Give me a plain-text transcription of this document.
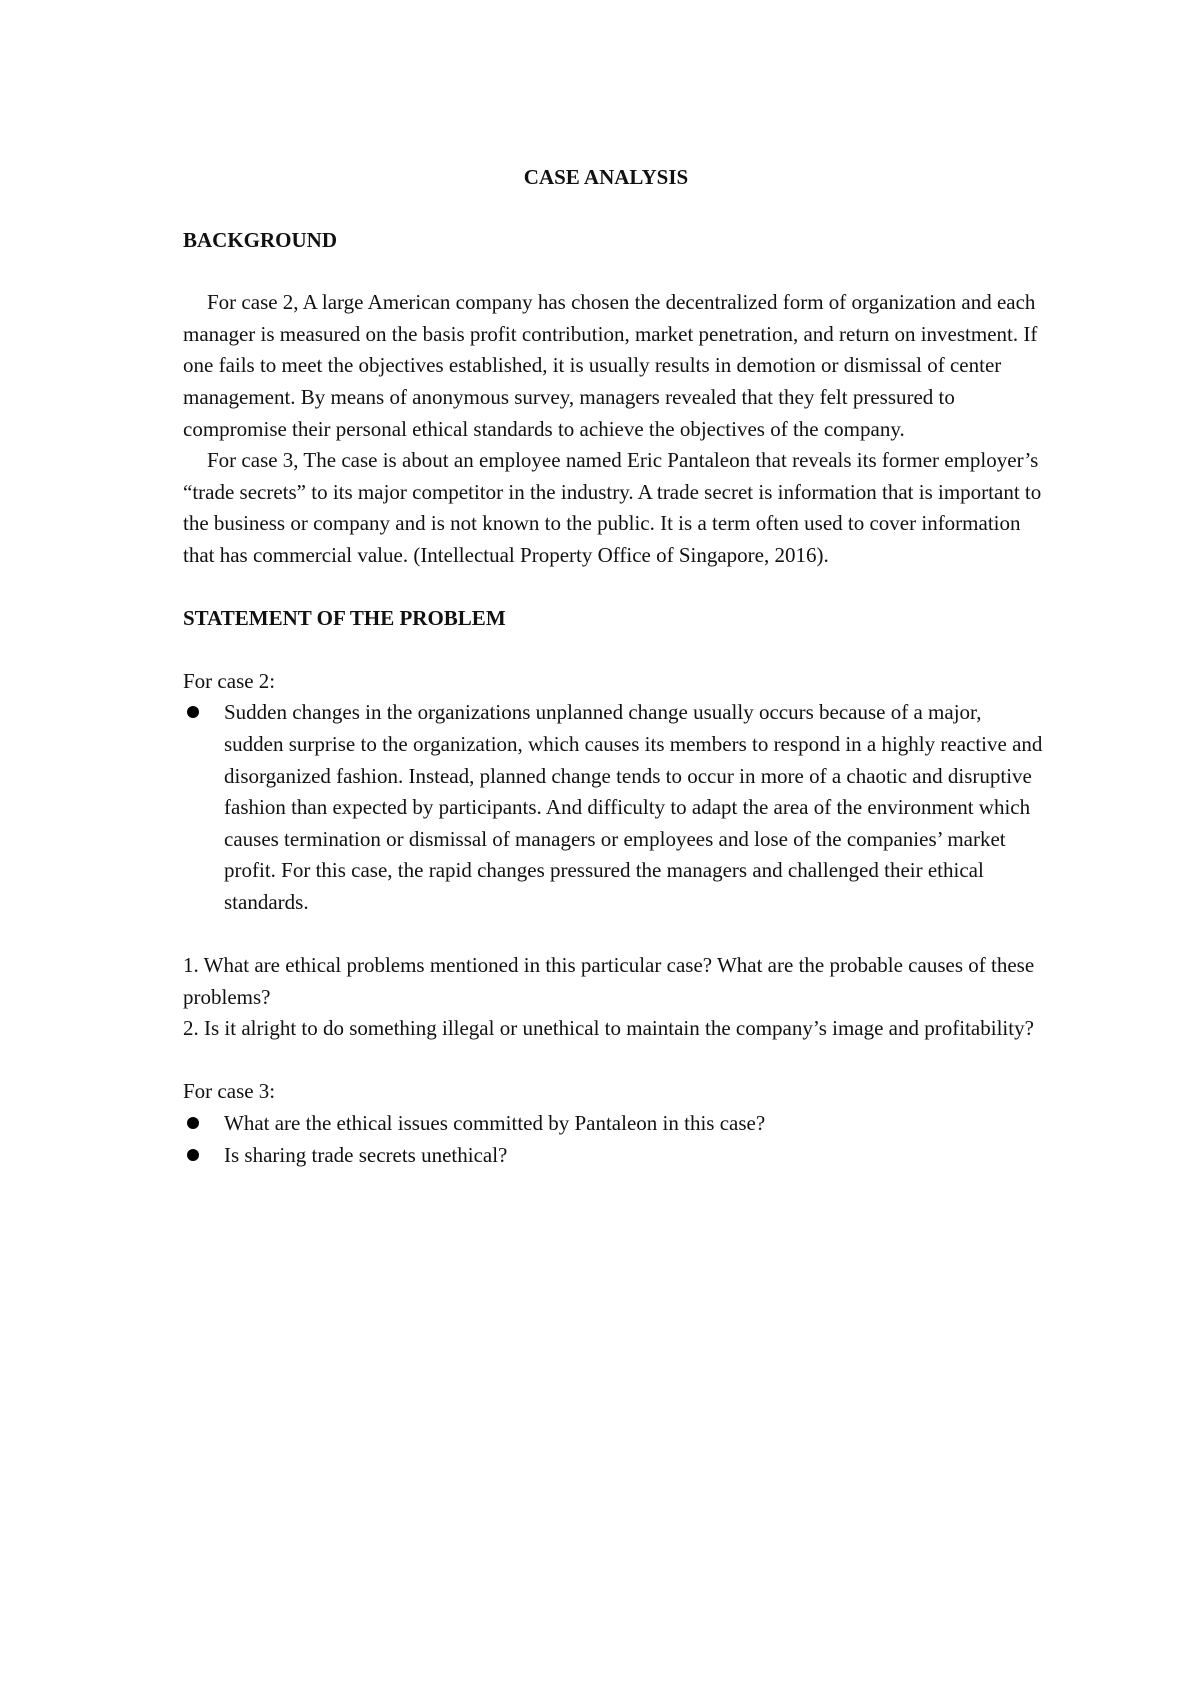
CASE ANALYSIS
BACKGROUND

For case 2, A large American company has chosen the decentralized form of organization and each manager is measured on the basis profit contribution, market penetration, and return on investment. If one fails to meet the objectives established, it is usually results in demotion or dismissal of center management. By means of anonymous survey, managers revealed that they felt pressured to compromise their personal ethical standards to achieve the objectives of the company.

For case 3, The case is about an employee named Eric Pantaleon that reveals its former employer’s “trade secrets” to its major competitor in the industry. A trade secret is information that is important to the business or company and is not known to the public. It is a term often used to cover information that has commercial value. (Intellectual Property Office of Singapore, 2016).

STATEMENT OF THE PROBLEM

For case 2:

Sudden changes in the organizations unplanned change usually occurs because of a major, sudden surprise to the organization, which causes its members to respond in a highly reactive and disorganized fashion. Instead, planned change tends to occur in more of a chaotic and disruptive fashion than expected by participants. And difficulty to adapt the area of the environment which causes termination or dismissal of managers or employees and lose of the companies’ market profit. For this case, the rapid changes pressured the managers and challenged their ethical standards.

1. What are ethical problems mentioned in this particular case? What are the probable causes of these problems?

2. Is it alright to do something illegal or unethical to maintain the company’s image and profitability?

For case 3:

What are the ethical issues committed by Pantaleon in this case?
Is sharing trade secrets unethical?
